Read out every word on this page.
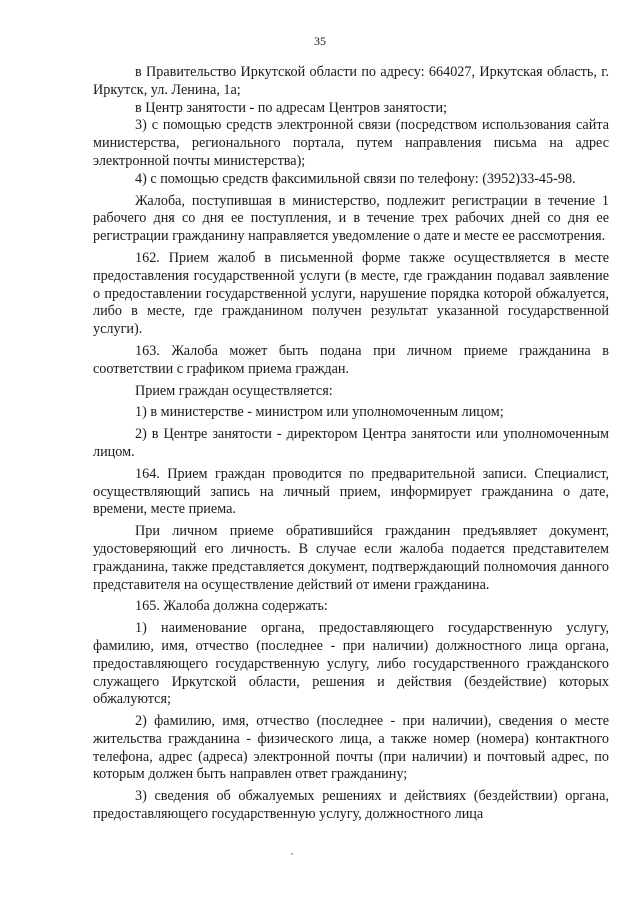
35

в Правительство Иркутской области по адресу: 664027, Иркутская область, г. Иркутск, ул. Ленина, 1а;

в Центр занятости - по адресам Центров занятости;

3) с помощью средств электронной связи (посредством использования сайта министерства, регионального портала, путем направления письма на адрес электронной почты министерства);

4) с помощью средств факсимильной связи по телефону: (3952)33-45-98.

Жалоба, поступившая в министерство, подлежит регистрации в течение 1 рабочего дня со дня ее поступления, и в течение трех рабочих дней со дня ее регистрации гражданину направляется уведомление о дате и месте ее рассмотрения.

162. Прием жалоб в письменной форме также осуществляется в месте предоставления государственной услуги (в месте, где гражданин подавал заявление о предоставлении государственной услуги, нарушение порядка которой обжалуется, либо в месте, где гражданином получен результат указанной государственной услуги).

163. Жалоба может быть подана при личном приеме гражданина в соответствии с графиком приема граждан.

Прием граждан осуществляется:

1) в министерстве - министром или уполномоченным лицом;

2) в Центре занятости - директором Центра занятости или уполномоченным лицом.

164. Прием граждан проводится по предварительной записи. Специалист, осуществляющий запись на личный прием, информирует гражданина о дате, времени, месте приема.

При личном приеме обратившийся гражданин предъявляет документ, удостоверяющий его личность. В случае если жалоба подается представителем гражданина, также представляется документ, подтверждающий полномочия данного представителя на осуществление действий от имени гражданина.

165. Жалоба должна содержать:

1) наименование органа, предоставляющего государственную услугу, фамилию, имя, отчество (последнее - при наличии) должностного лица органа, предоставляющего государственную услугу, либо государственного гражданского служащего Иркутской области, решения и действия (бездействие) которых обжалуются;

2) фамилию, имя, отчество (последнее - при наличии), сведения о месте жительства гражданина - физического лица, а также номер (номера) контактного телефона, адрес (адреса) электронной почты (при наличии) и почтовый адрес, по которым должен быть направлен ответ гражданину;

3) сведения об обжалуемых решениях и действиях (бездействии) органа, предоставляющего государственную услугу, должностного лица
